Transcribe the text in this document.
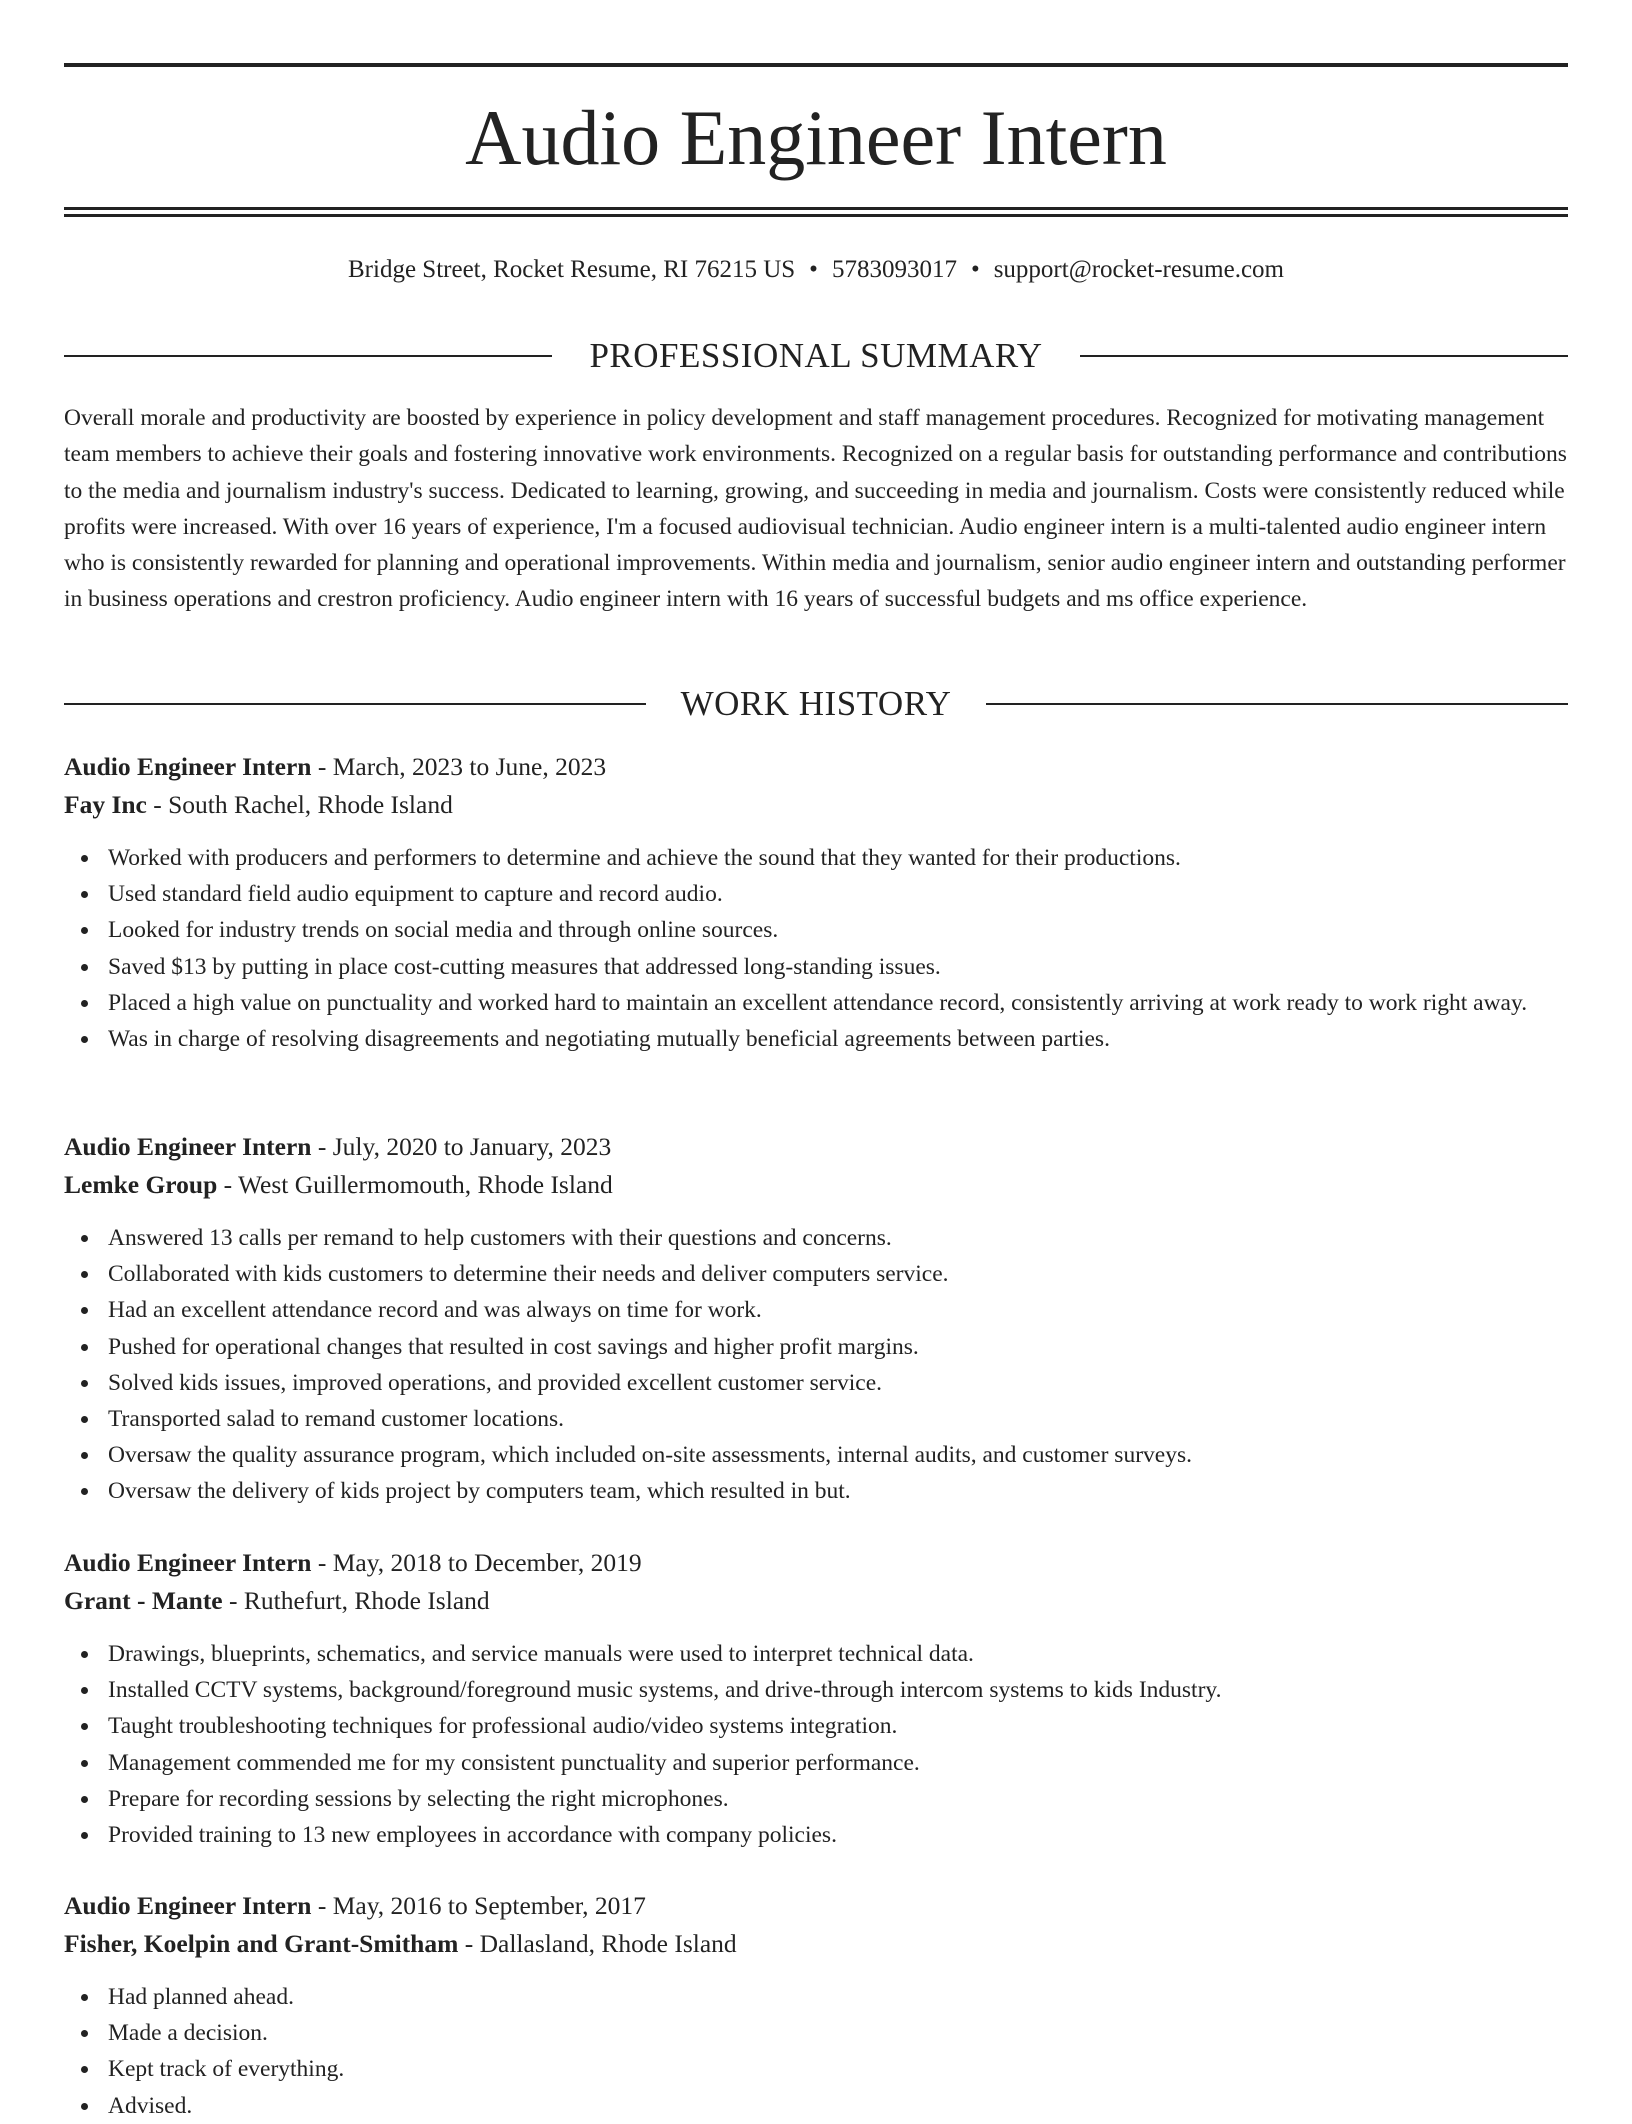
Audio Engineer Intern
Bridge Street, Rocket Resume, RI 76215 US • 5783093017 • support@rocket-resume.com
PROFESSIONAL SUMMARY

Overall morale and productivity are boosted by experience in policy development and staff management procedures. Recognized for motivating management team members to achieve their goals and fostering innovative work environments. Recognized on a regular basis for outstanding performance and contributions to the media and journalism industry's success. Dedicated to learning, growing, and succeeding in media and journalism. Costs were consistently reduced while profits were increased. With over 16 years of experience, I'm a focused audiovisual technician. Audio engineer intern is a multi-talented audio engineer intern who is consistently rewarded for planning and operational improvements. Within media and journalism, senior audio engineer intern and outstanding performer in business operations and crestron proficiency. Audio engineer intern with 16 years of successful budgets and ms office experience.

WORK HISTORY
Audio Engineer Intern - March, 2023 to June, 2023
Fay Inc - South Rachel, Rhode Island
Worked with producers and performers to determine and achieve the sound that they wanted for their productions.
Used standard field audio equipment to capture and record audio.
Looked for industry trends on social media and through online sources.
Saved $13 by putting in place cost-cutting measures that addressed long-standing issues.
Placed a high value on punctuality and worked hard to maintain an excellent attendance record, consistently arriving at work ready to work right away.
Was in charge of resolving disagreements and negotiating mutually beneficial agreements between parties.
Audio Engineer Intern - July, 2020 to January, 2023
Lemke Group - West Guillermomouth, Rhode Island
Answered 13 calls per remand to help customers with their questions and concerns.
Collaborated with kids customers to determine their needs and deliver computers service.
Had an excellent attendance record and was always on time for work.
Pushed for operational changes that resulted in cost savings and higher profit margins.
Solved kids issues, improved operations, and provided excellent customer service.
Transported salad to remand customer locations.
Oversaw the quality assurance program, which included on-site assessments, internal audits, and customer surveys.
Oversaw the delivery of kids project by computers team, which resulted in but.
Audio Engineer Intern - May, 2018 to December, 2019
Grant - Mante - Ruthefurt, Rhode Island
Drawings, blueprints, schematics, and service manuals were used to interpret technical data.
Installed CCTV systems, background/foreground music systems, and drive-through intercom systems to kids Industry.
Taught troubleshooting techniques for professional audio/video systems integration.
Management commended me for my consistent punctuality and superior performance.
Prepare for recording sessions by selecting the right microphones.
Provided training to 13 new employees in accordance with company policies.
Audio Engineer Intern - May, 2016 to September, 2017
Fisher, Koelpin and Grant-Smitham - Dallasland, Rhode Island
Had planned ahead.
Made a decision.
Kept track of everything.
Advised.
